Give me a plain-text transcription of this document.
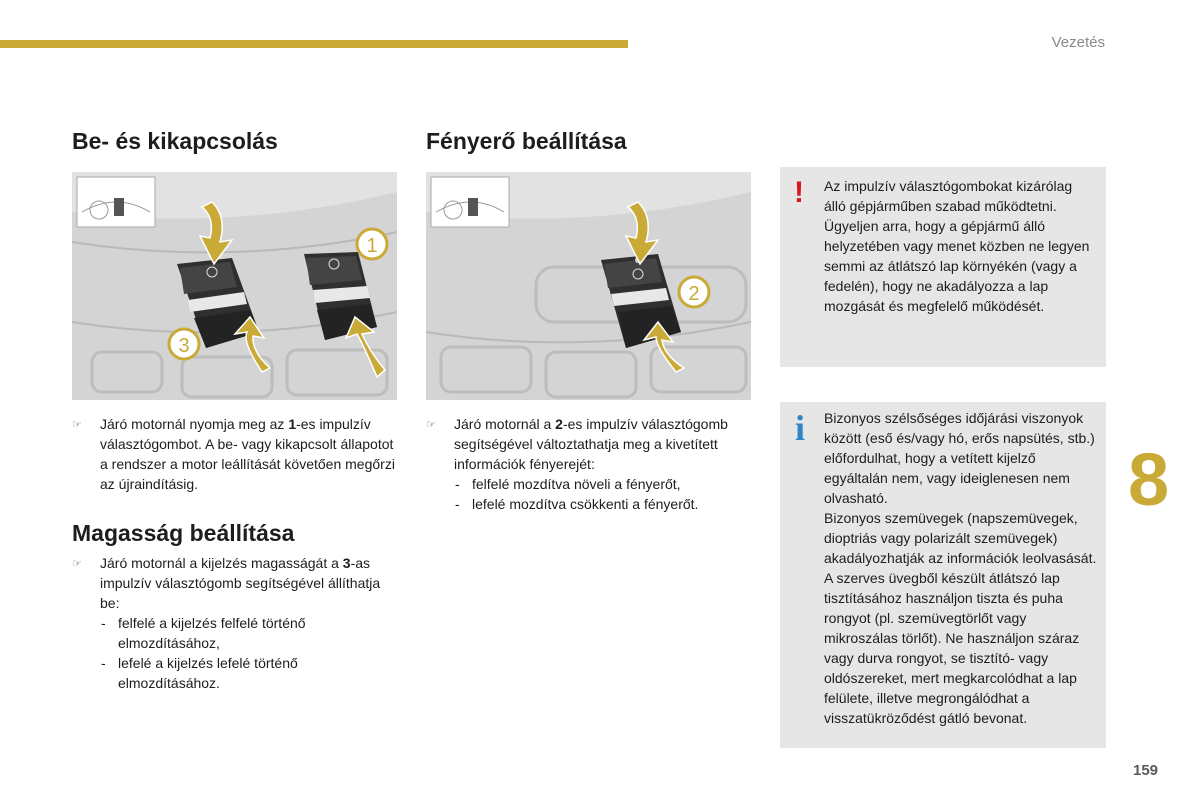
Vezetés
Be- és kikapcsolás	Fényerő beállítása
1
3
2
☞	Járó motornál nyomja meg az 1-es impulzív választógombot. A be- vagy kikapcsolt állapotot a rendszer a motor leállítását követően megőrzi az újraindításig.
☞	Járó motornál a 2-es impulzív választógomb segítségével változtathatja meg a kivetített információk fényerejét:
- felfelé mozdítva növeli a fényerőt,
- lefelé mozdítva csökkenti a fényerőt.
Magasság beállítása
☞	Járó motornál a kijelzés magasságát a 3-as impulzív választógomb segítségével állíthatja be:
- felfelé a kijelzés felfelé történő elmozdításához,
- lefelé a kijelzés lefelé történő elmozdításához.
! Az impulzív választógombokat kizárólag álló gépjárműben szabad működtetni. Ügyeljen arra, hogy a gépjármű álló helyzetében vagy menet közben ne legyen semmi az átlátszó lap környékén (vagy a fedelén), hogy ne akadályozza a lap mozgását és megfelelő működését.

i Bizonyos szélsőséges időjárási viszonyok között (eső és/vagy hó, erős napsütés, stb.) előfordulhat, hogy a vetített kijelző egyáltalán nem, vagy ideiglenesen nem olvasható.

Bizonyos szemüvegek (napszemüvegek, dioptriás vagy polarizált szemüvegek) akadályozhatják az információk leolvasását.

A szerves üvegből készült átlátszó lap tisztításához használjon tiszta és puha rongyot (pl. szemüvegtörlőt vagy mikroszálas törlőt). Ne használjon száraz vagy durva rongyot, se tisztító- vagy oldószereket, mert megkarcolódhat a lap felülete, illetve megrongálódhat a visszatükröződést gátló bevonat.

8
159
